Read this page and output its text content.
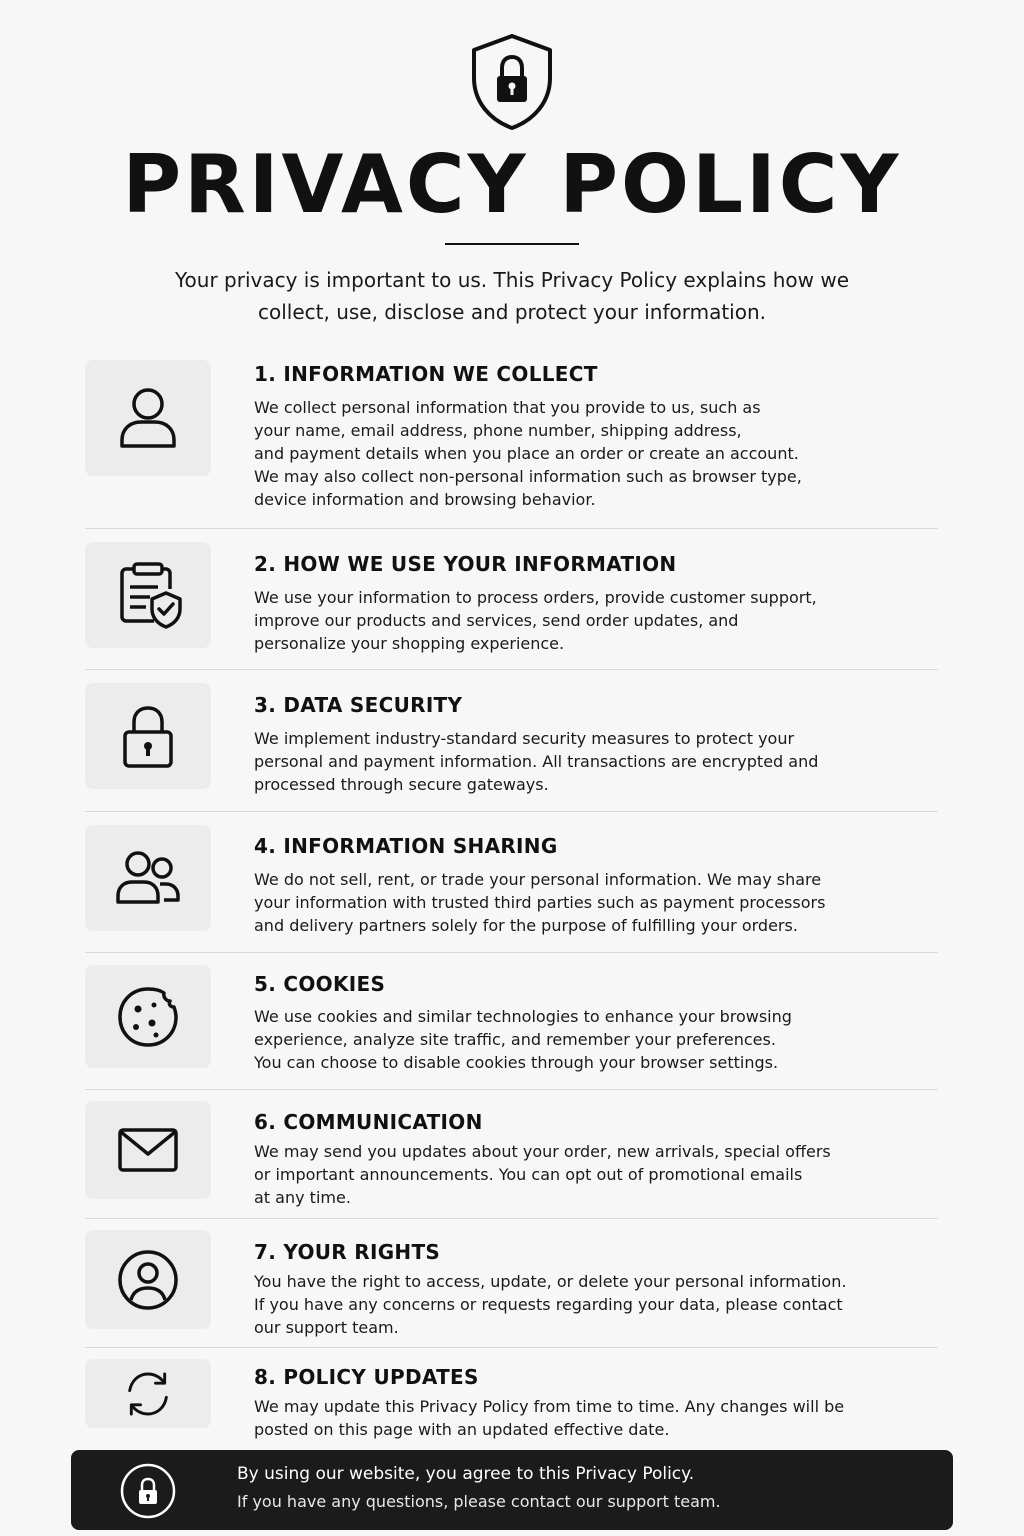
PRIVACY POLICY

Your privacy is important to us. This Privacy Policy explains how we collect, use, disclose and protect your information.

1. INFORMATION WE COLLECT

We collect personal information that you provide to us, such as
your name, email address, phone number, shipping address,
and payment details when you place an order or create an account.
We may also collect non-personal information such as browser type,
device information and browsing behavior.

2. HOW WE USE YOUR INFORMATION

We use your information to process orders, provide customer support,
improve our products and services, send order updates, and
personalize your shopping experience.

3. DATA SECURITY

We implement industry-standard security measures to protect your
personal and payment information. All transactions are encrypted and
processed through secure gateways.

4. INFORMATION SHARING

We do not sell, rent, or trade your personal information. We may share
your information with trusted third parties such as payment processors
and delivery partners solely for the purpose of fulfilling your orders.

5. COOKIES

We use cookies and similar technologies to enhance your browsing
experience, analyze site traffic, and remember your preferences.
You can choose to disable cookies through your browser settings.

6. COMMUNICATION

We may send you updates about your order, new arrivals, special offers
or important announcements. You can opt out of promotional emails
at any time.

7. YOUR RIGHTS

You have the right to access, update, or delete your personal information.
If you have any concerns or requests regarding your data, please contact
our support team.

8. POLICY UPDATES

We may update this Privacy Policy from time to time. Any changes will be
posted on this page with an updated effective date.

By using our website, you agree to this Privacy Policy.

If you have any questions, please contact our support team.
